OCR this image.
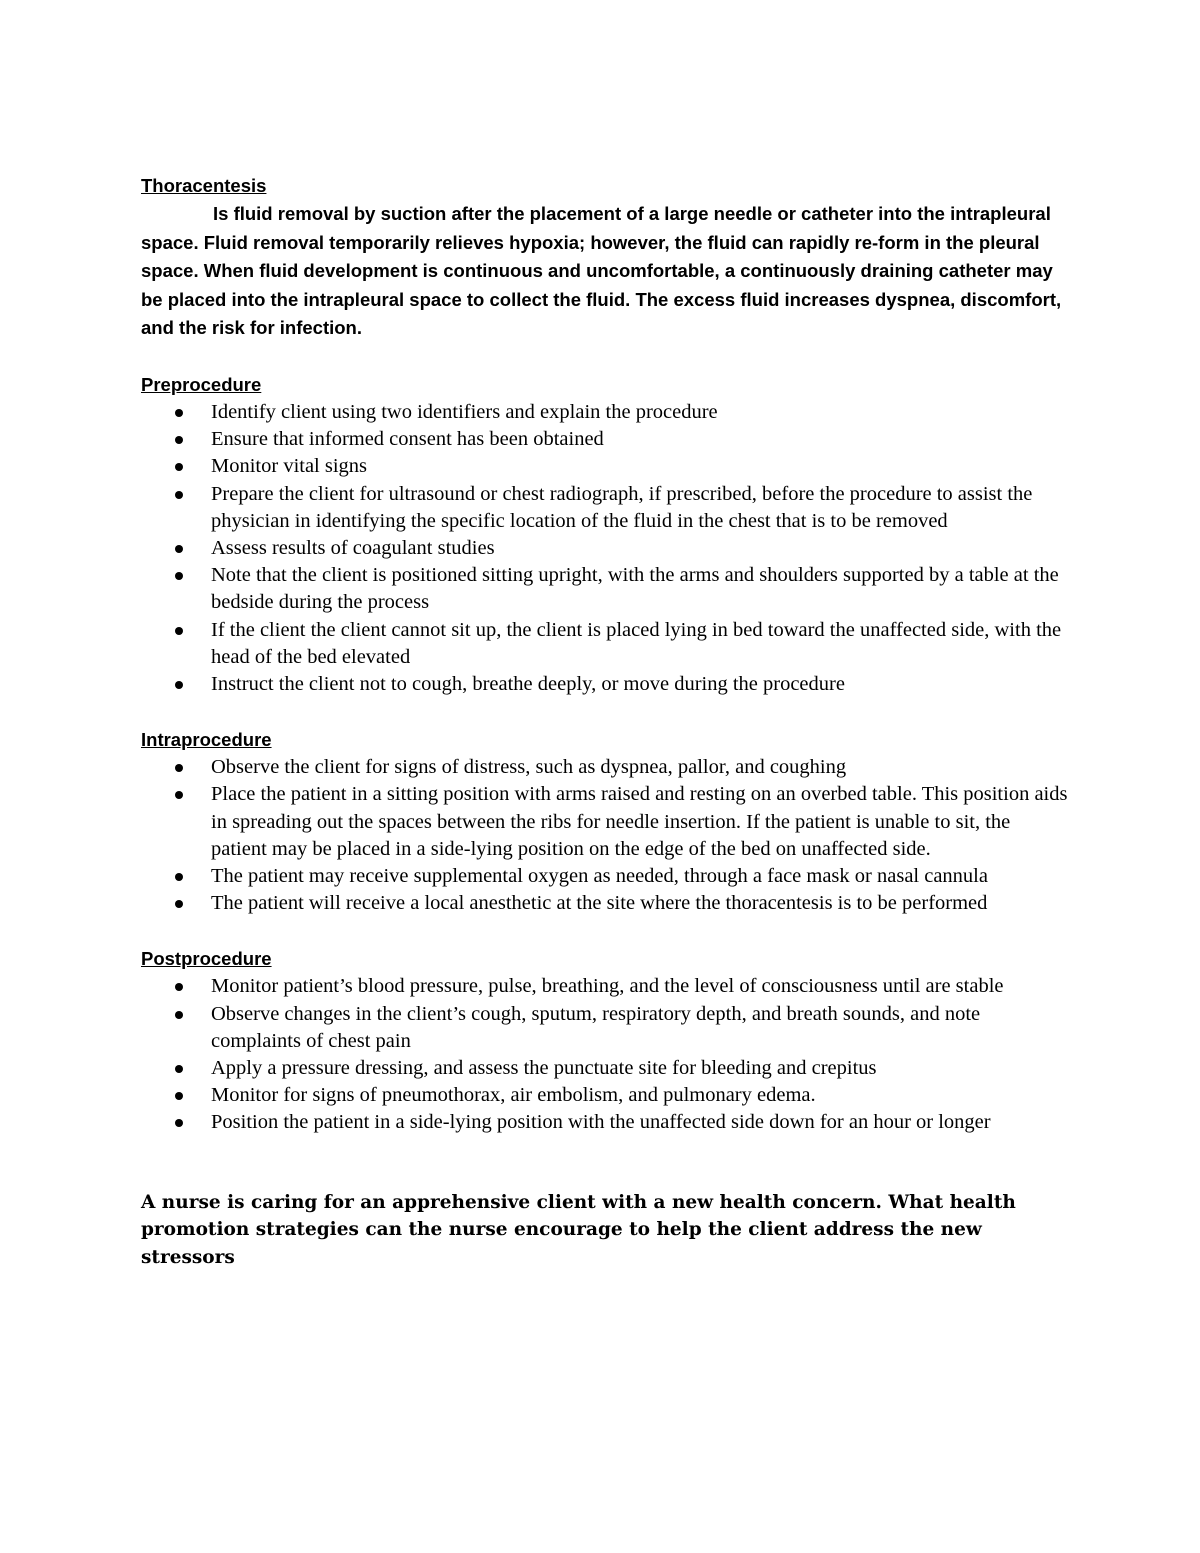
Thoracentesis

Is fluid removal by suction after the placement of a large needle or catheter into the intrapleural space. Fluid removal temporarily relieves hypoxia; however, the fluid can rapidly re-form in the pleural space. When fluid development is continuous and uncomfortable, a continuously draining catheter may be placed into the intrapleural space to collect the fluid. The excess fluid increases dyspnea, discomfort, and the risk for infection.

Preprocedure

Identify client using two identifiers and explain the procedure
Ensure that informed consent has been obtained
Monitor vital signs
Prepare the client for ultrasound or chest radiograph, if prescribed, before the procedure to assist the physician in identifying the specific location of the fluid in the chest that is to be removed
Assess results of coagulant studies
Note that the client is positioned sitting upright, with the arms and shoulders supported by a table at the bedside during the process
If the client the client cannot sit up, the client is placed lying in bed toward the unaffected side, with the head of the bed elevated
Instruct the client not to cough, breathe deeply, or move during the procedure

Intraprocedure

Observe the client for signs of distress, such as dyspnea, pallor, and coughing
Place the patient in a sitting position with arms raised and resting on an overbed table. This position aids in spreading out the spaces between the ribs for needle insertion. If the patient is unable to sit, the patient may be placed in a side-lying position on the edge of the bed on unaffected side.
The patient may receive supplemental oxygen as needed, through a face mask or nasal cannula
The patient will receive a local anesthetic at the site where the thoracentesis is to be performed

Postprocedure

Monitor patient’s blood pressure, pulse, breathing, and the level of consciousness until are stable
Observe changes in the client’s cough, sputum, respiratory depth, and breath sounds, and note complaints of chest pain
Apply a pressure dressing, and assess the punctuate site for bleeding and crepitus
Monitor for signs of pneumothorax, air embolism, and pulmonary edema.
Position the patient in a side-lying position with the unaffected side down for an hour or longer

A nurse is caring for an apprehensive client with a new health concern. What health promotion strategies can the nurse encourage to help the client address the new stressors
